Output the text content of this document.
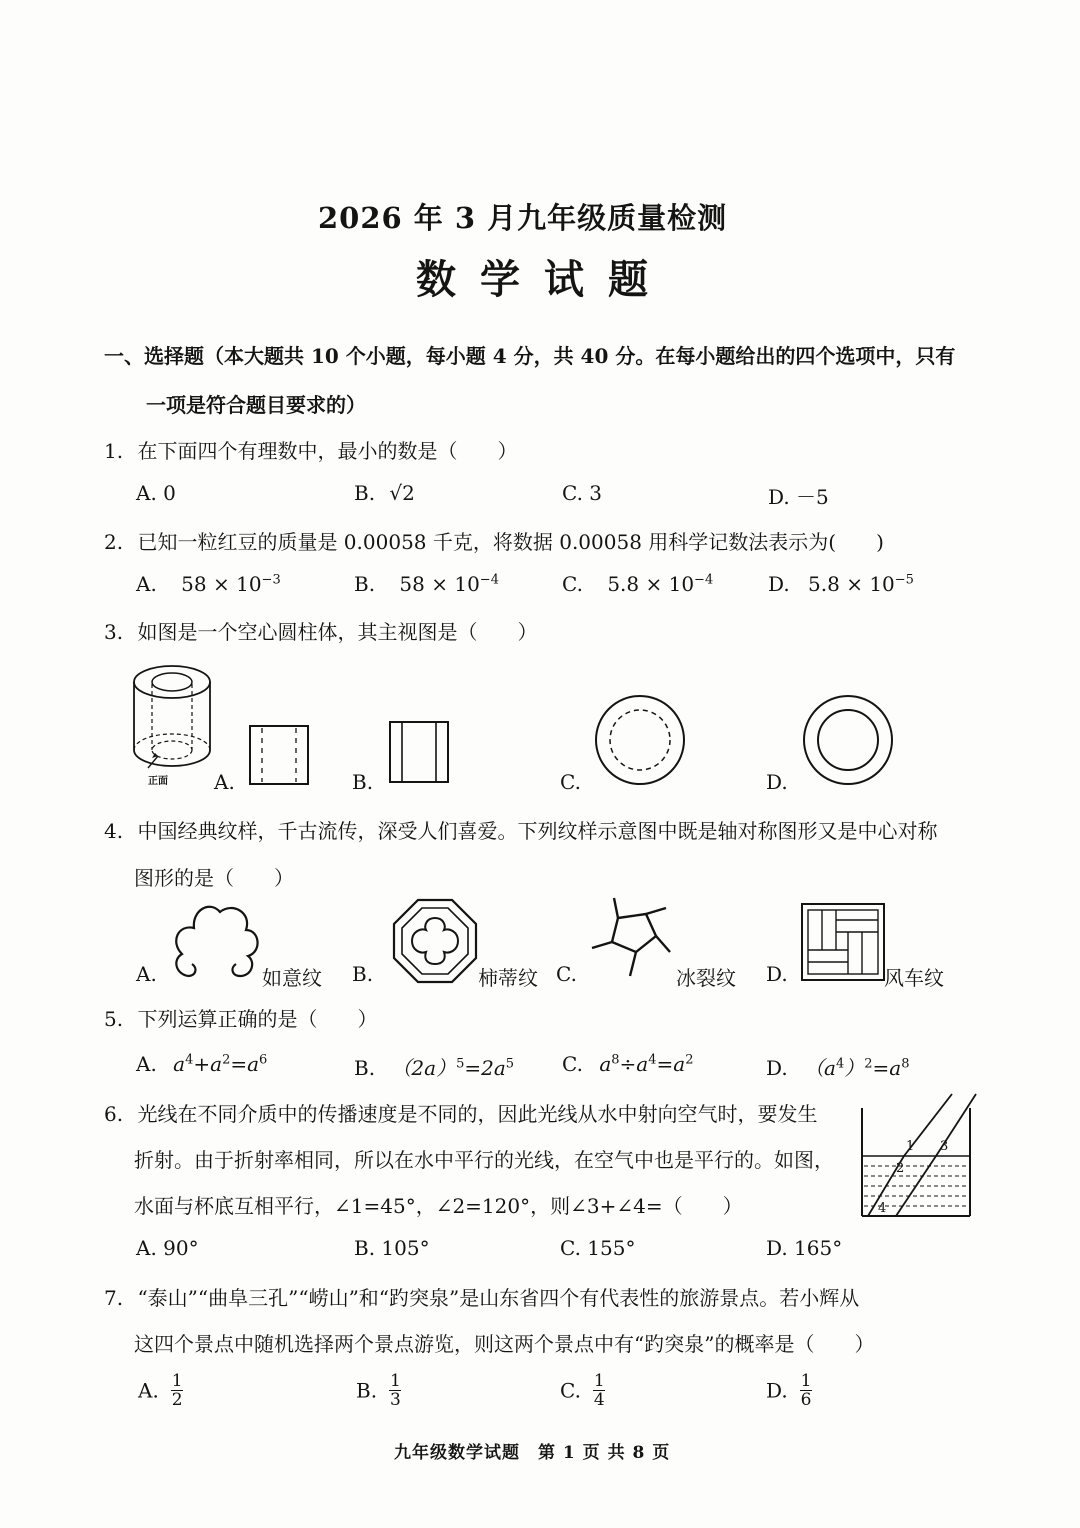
2026 年 3 月九年级质量检测
数学试题
一、选择题（本大题共 10 个小题，每小题 4 分，共 40 分。在每小题给出的四个选项中，只有
一项是符合题目要求的）
1. 在下面四个有理数中，最小的数是（　　）
A. 0	B. √2	C. 3	D. －5
2. 已知一粒红豆的质量是 0.00058 千克，将数据 0.00058 用科学记数法表示为(　　)
A. $58 \times 10^{-3}$	B. $58 \times 10^{-4}$	C. $5.8 \times 10^{-4}$	D. $5.8 \times 10^{-5}$
3. 如图是一个空心圆柱体，其主视图是（　　）
正面 A.	B.	C.	D.
4. 中国经典纹样，千古流传，深受人们喜爱。下列纹样示意图中既是轴对称图形又是中心对称
图形的是（　　）
A.	如意纹 B.	柿蒂纹 C.	冰裂纹 D.	风车纹
5. 下列运算正确的是（　　）
A. $a^4+a^2=a^6$	B. $(2a)^5=2a^5$ C. $a^8\div a^4=a^2$	D. $(a^4)^2=a^8$
6. 光线在不同介质中的传播速度是不同的，因此光线从水中射向空气时，要发生
折射。由于折射率相同，所以在水中平行的光线，在空气中也是平行的。如图，
水面与杯底互相平行，∠1=45°，∠2=120°，则∠3+∠4=（　　）
1
2
3
4
A. 90°	B. 105°	C. 155°	D. 165°
7. “泰山”“曲阜三孔”“崂山”和“趵突泉”是山东省四个有代表性的旅游景点。若小辉从
这四个景点中随机选择两个景点游览，则这两个景点中有“趵突泉”的概率是（　　）
A. $\frac{1}{2}$	B. $\frac{1}{3}$	C. $\frac{1}{4}$	D. $\frac{1}{6}$
九年级数学试题　第 1 页 共 8 页
